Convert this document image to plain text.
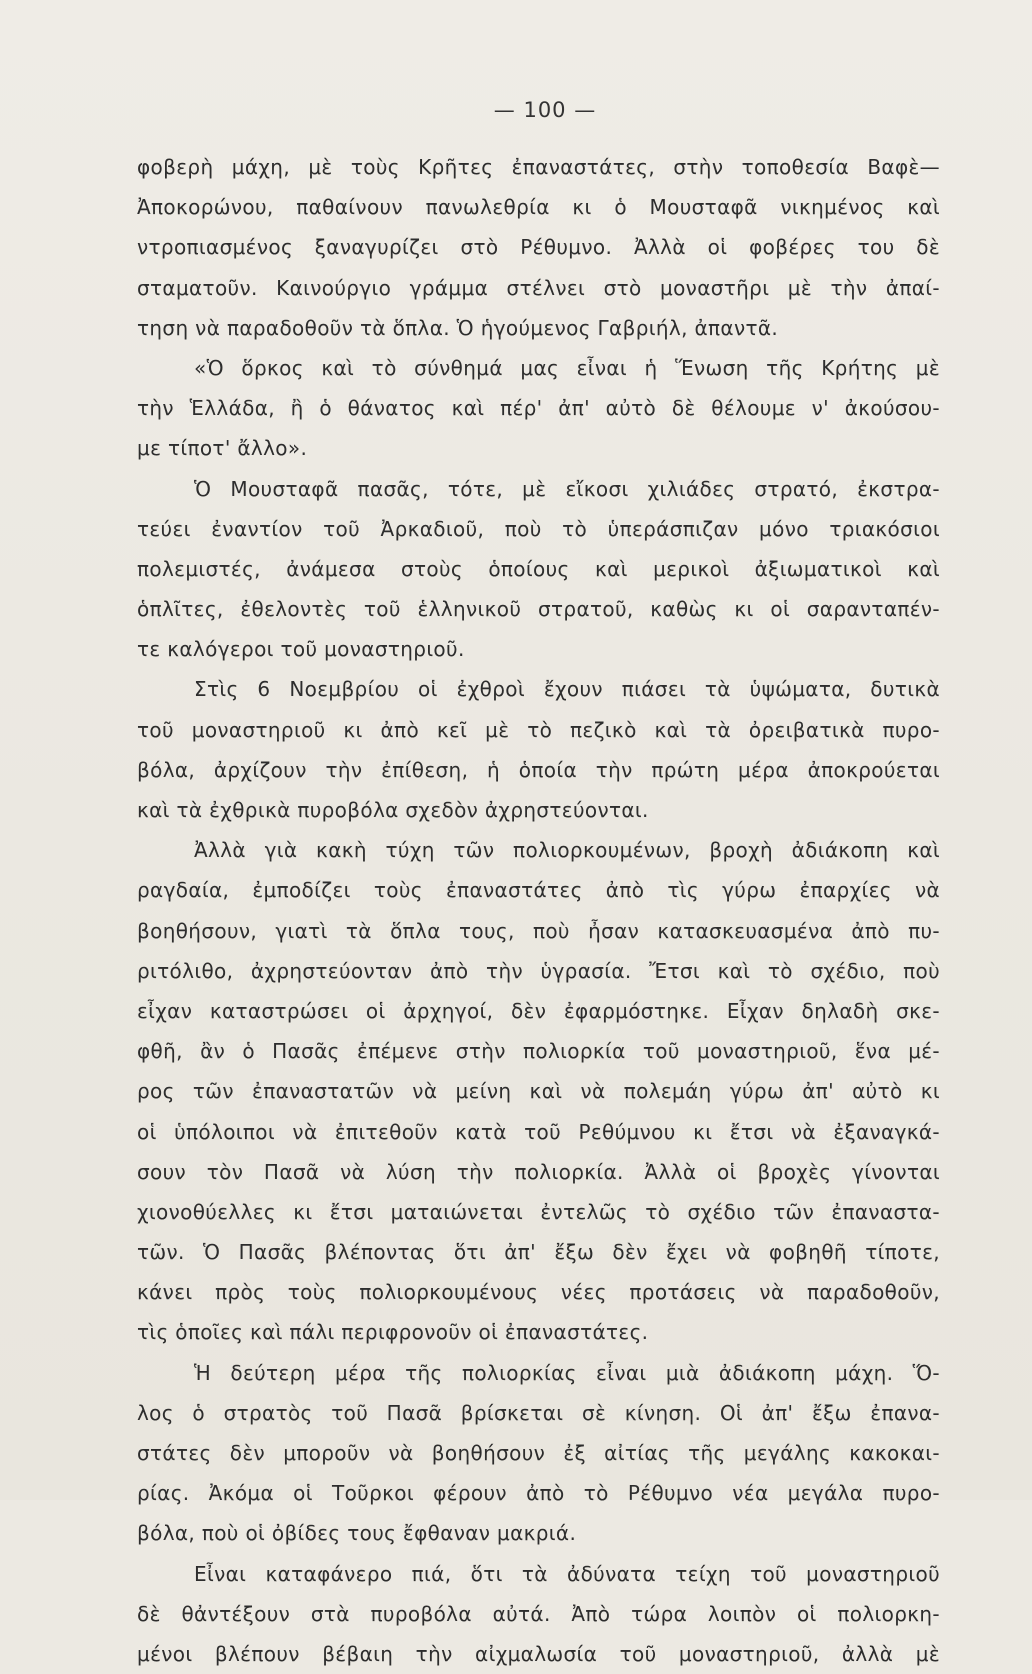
— 100 —
φοβερὴ μάχη, μὲ τοὺς Κρῆτες ἐπαναστάτες, στὴν τοποθεσία Βαφὲ—
Ἀποκορώνου, παθαίνουν πανωλεθρία κι ὁ Μουσταφᾶ νικημένος καὶ
ντροπιασμένος ξαναγυρίζει στὸ Ρέθυμνο. Ἀλλὰ οἱ φοβέρες του δὲ
σταματοῦν. Καινούργιο γράμμα στέλνει στὸ μοναστῆρι μὲ τὴν ἀπαί-
τηση νὰ παραδοθοῦν τὰ ὅπλα. Ὁ ἡγούμενος Γαβριήλ, ἀπαντᾶ.
«Ὁ ὅρκος καὶ τὸ σύνθημά μας εἶναι ἡ Ἕνωση τῆς Κρήτης μὲ
τὴν Ἑλλάδα, ἢ ὁ θάνατος καὶ πέρ' ἀπ' αὐτὸ δὲ θέλουμε ν' ἀκούσου-
με τίποτ' ἄλλο».
Ὁ Μουσταφᾶ πασᾶς, τότε, μὲ εἴκοσι χιλιάδες στρατό, ἐκστρα-
τεύει ἐναντίον τοῦ Ἀρκαδιοῦ, ποὺ τὸ ὑπεράσπιζαν μόνο τριακόσιοι
πολεμιστές, ἀνάμεσα στοὺς ὁποίους καὶ μερικοὶ ἀξιωματικοὶ καὶ
ὁπλῖτες, ἐθελοντὲς τοῦ ἑλληνικοῦ στρατοῦ, καθὼς κι οἱ σαρανταπέν-
τε καλόγεροι τοῦ μοναστηριοῦ.
Στὶς 6 Νοεμβρίου οἱ ἐχθροὶ ἔχουν πιάσει τὰ ὑψώματα, δυτικὰ
τοῦ μοναστηριοῦ κι ἀπὸ κεῖ μὲ τὸ πεζικὸ καὶ τὰ ὀρειβατικὰ πυρο-
βόλα, ἀρχίζουν τὴν ἐπίθεση, ἡ ὁποία τὴν πρώτη μέρα ἀποκρούεται
καὶ τὰ ἐχθρικὰ πυροβόλα σχεδὸν ἀχρηστεύονται.
Ἀλλὰ γιὰ κακὴ τύχη τῶν πολιορκουμένων, βροχὴ ἀδιάκοπη καὶ
ραγδαία, ἐμποδίζει τοὺς ἐπαναστάτες ἀπὸ τὶς γύρω ἐπαρχίες νὰ
βοηθήσουν, γιατὶ τὰ ὅπλα τους, ποὺ ἦσαν κατασκευασμένα ἀπὸ πυ-
ριτόλιθο, ἀχρηστεύονταν ἀπὸ τὴν ὑγρασία. Ἔτσι καὶ τὸ σχέδιο, ποὺ
εἶχαν καταστρώσει οἱ ἀρχηγοί, δὲν ἐφαρμόστηκε. Εἶχαν δηλαδὴ σκε-
φθῆ, ἂν ὁ Πασᾶς ἐπέμενε στὴν πολιορκία τοῦ μοναστηριοῦ, ἕνα μέ-
ρος τῶν ἐπαναστατῶν νὰ μείνη καὶ νὰ πολεμάη γύρω ἀπ' αὐτὸ κι
οἱ ὑπόλοιποι νὰ ἐπιτεθοῦν κατὰ τοῦ Ρεθύμνου κι ἔτσι νὰ ἐξαναγκά-
σουν τὸν Πασᾶ νὰ λύση τὴν πολιορκία. Ἀλλὰ οἱ βροχὲς γίνονται
χιονοθύελλες κι ἔτσι ματαιώνεται ἐντελῶς τὸ σχέδιο τῶν ἐπαναστα-
τῶν. Ὁ Πασᾶς βλέποντας ὅτι ἀπ' ἔξω δὲν ἔχει νὰ φοβηθῆ τίποτε,
κάνει πρὸς τοὺς πολιορκουμένους νέες προτάσεις νὰ παραδοθοῦν,
τὶς ὁποῖες καὶ πάλι περιφρονοῦν οἱ ἐπαναστάτες.
Ἡ δεύτερη μέρα τῆς πολιορκίας εἶναι μιὰ ἀδιάκοπη μάχη. Ὅ-
λος ὁ στρατὸς τοῦ Πασᾶ βρίσκεται σὲ κίνηση. Οἱ ἀπ' ἔξω ἐπανα-
στάτες δὲν μποροῦν νὰ βοηθήσουν ἐξ αἰτίας τῆς μεγάλης κακοκαι-
ρίας. Ἀκόμα οἱ Τοῦρκοι φέρουν ἀπὸ τὸ Ρέθυμνο νέα μεγάλα πυρο-
βόλα, ποὺ οἱ ὀβίδες τους ἔφθαναν μακριά.
Εἶναι καταφάνερο πιά, ὅτι τὰ ἀδύνατα τείχη τοῦ μοναστηριοῦ
δὲ θἀντέξουν στὰ πυροβόλα αὐτά. Ἀπὸ τώρα λοιπὸν οἱ πολιορκη-
μένοι βλέπουν βέβαιη τὴν αἰχμαλωσία τοῦ μοναστηριοῦ, ἀλλὰ μὲ
